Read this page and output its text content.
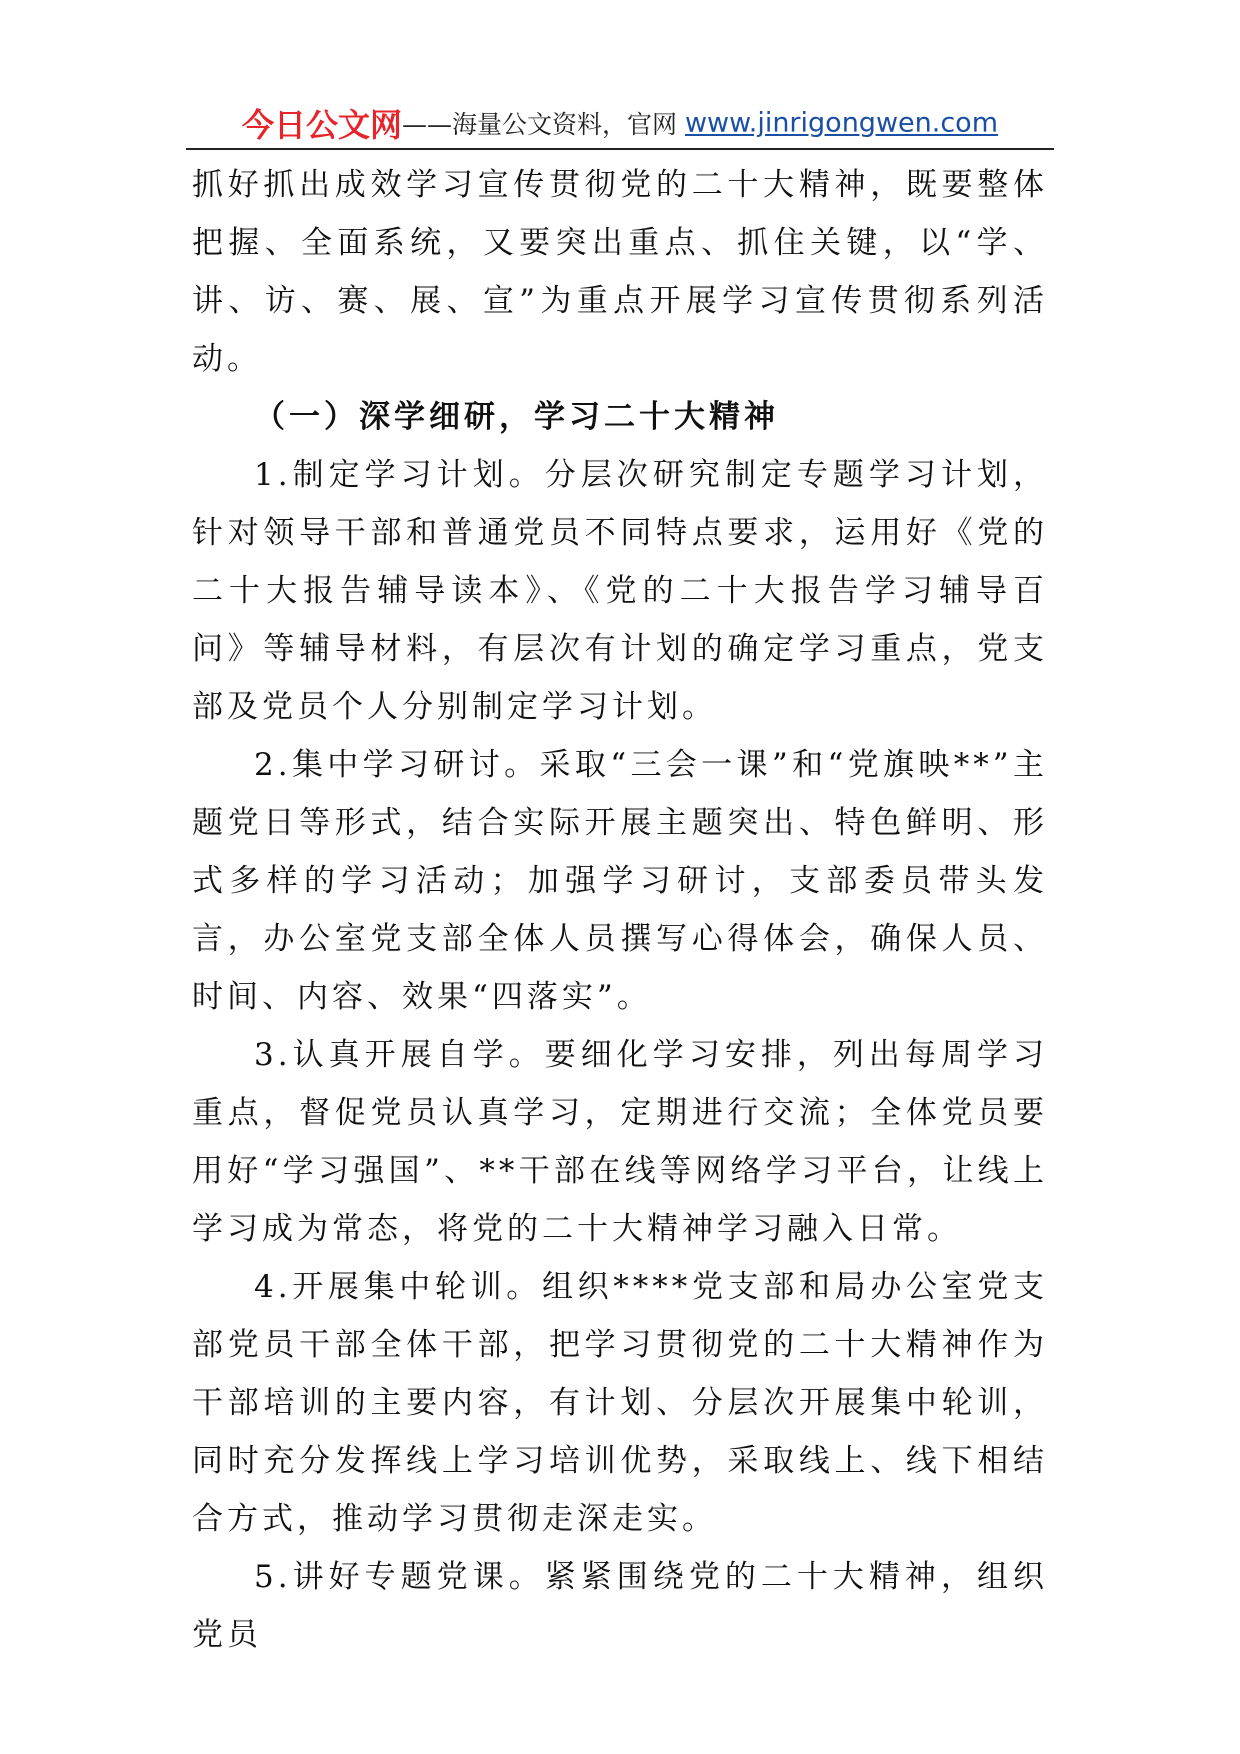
今日公文网——海量公文资料，官网 www.jinrigongwen.com

抓好抓出成效学习宣传贯彻党的二十大精神，既要整体把握、全面系统，又要突出重点、抓住关键，以“学、讲、访、赛、展、宣”为重点开展学习宣传贯彻系列活动。

（一）深学细研，学习二十大精神

1.制定学习计划。分层次研究制定专题学习计划，针对领导干部和普通党员不同特点要求，运用好《党的二十大报告辅导读本》、《党的二十大报告学习辅导百问》等辅导材料，有层次有计划的确定学习重点，党支部及党员个人分别制定学习计划。

2.集中学习研讨。采取“三会一课”和“党旗映**”主题党日等形式，结合实际开展主题突出、特色鲜明、形式多样的学习活动；加强学习研讨，支部委员带头发言，办公室党支部全体人员撰写心得体会，确保人员、时间、内容、效果“四落实”。

3.认真开展自学。要细化学习安排，列出每周学习重点，督促党员认真学习，定期进行交流；全体党员要用好“学习强国”、**干部在线等网络学习平台，让线上学习成为常态，将党的二十大精神学习融入日常。

4.开展集中轮训。组织****党支部和局办公室党支部党员干部全体干部，把学习贯彻党的二十大精神作为干部培训的主要内容，有计划、分层次开展集中轮训，同时充分发挥线上学习培训优势，采取线上、线下相结合方式，推动学习贯彻走深走实。

5.讲好专题党课。紧紧围绕党的二十大精神，组织党员
